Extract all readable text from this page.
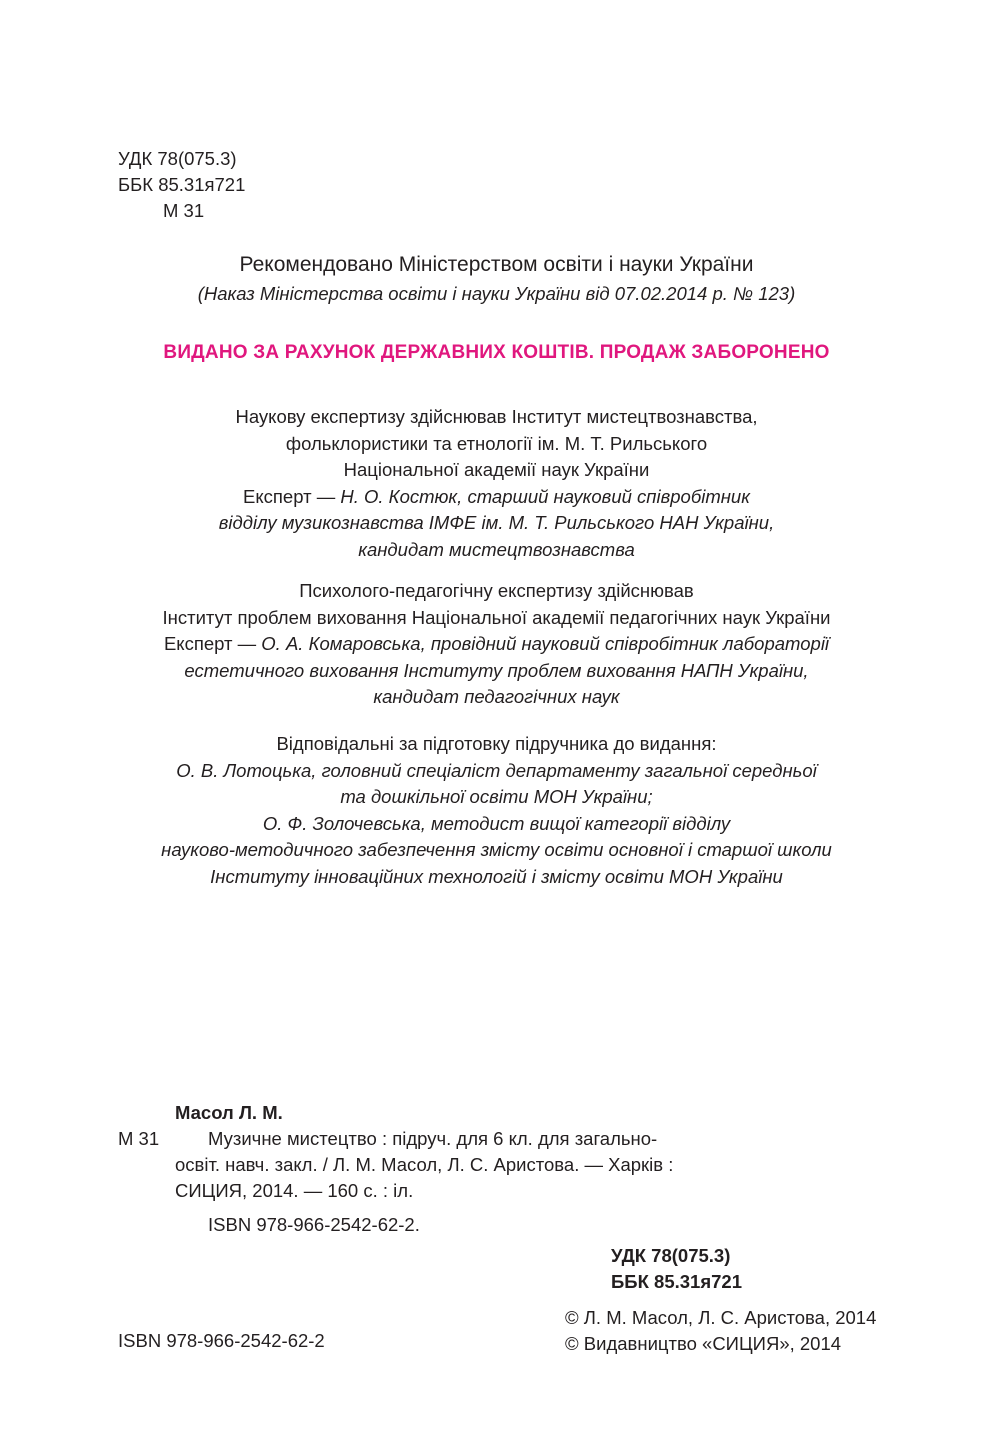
УДК 78(075.3)
ББК 85.31я721
М 31
Рекомендовано Міністерством освіти і науки України
(Наказ Міністерства освіти і науки України від 07.02.2014 р. № 123)
ВИДАНО ЗА РАХУНОК ДЕРЖАВНИХ КОШТІВ. ПРОДАЖ ЗАБОРОНЕНО
Наукову експертизу здійснював Інститут мистецтвознавства,
фольклористики та етнології ім. М. Т. Рильського
Національної академії наук України
Експерт — Н. О. Костюк, старший науковий співробітник
відділу музикознавства ІМФЕ ім. М. Т. Рильського НАН України,
кандидат мистецтвознавства
Психолого-педагогічну експертизу здійснював
Інститут проблем виховання Національної академії педагогічних наук України
Експерт — О. А. Комаровська, провідний науковий співробітник лабораторії
естетичного виховання Інституту проблем виховання НАПН України,
кандидат педагогічних наук
Відповідальні за підготовку підручника до видання:
О. В. Лотоцька, головний спеціаліст департаменту загальної середньої
та дошкільної освіти МОН України;
О. Ф. Золочевська, методист вищої категорії відділу
науково-методичного забезпечення змісту освіти основної і старшої школи
Інституту інноваційних технологій і змісту освіти МОН України
Масол Л. М.
М 31	Музичне мистецтво : підруч. для 6 кл. для загально-
освіт. навч. закл. / Л. М. Масол, Л. С. Аристова. — Харків :
СИЦИЯ, 2014. — 160 с. : іл.
ISBN 978-966-2542-62-2.
УДК 78(075.3)
ББК 85.31я721
ISBN 978-966-2542-62-2
© Л. М. Масол, Л. С. Аристова, 2014
© Видавництво «СИЦИЯ», 2014
